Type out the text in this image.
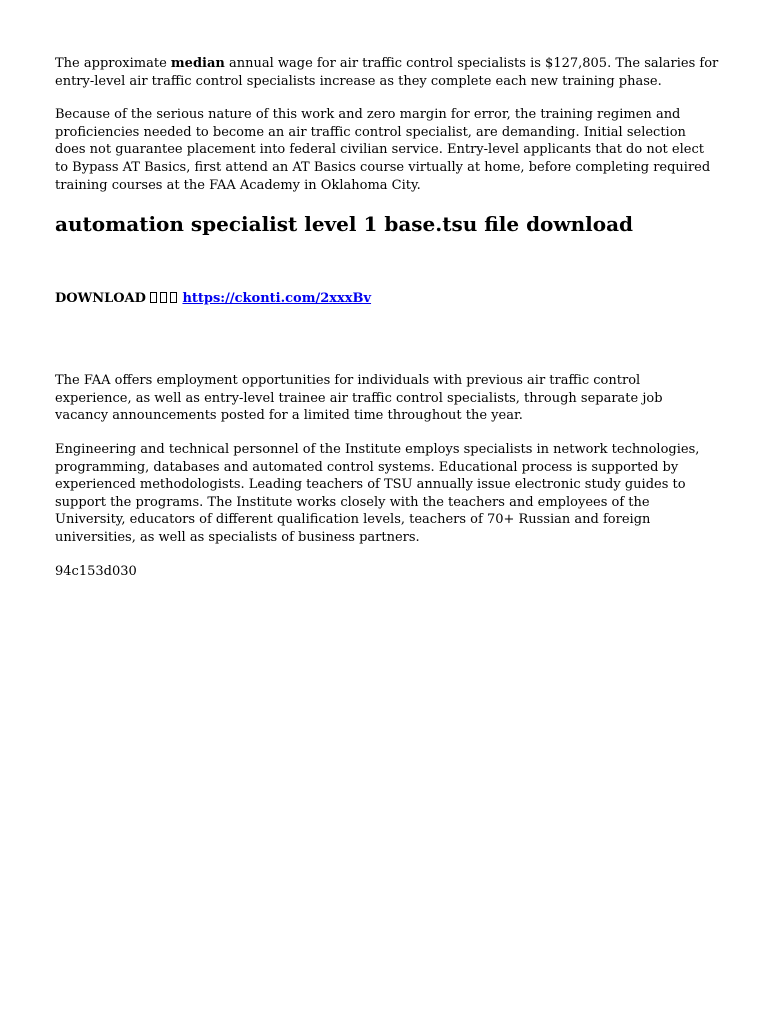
The approximate median annual wage for air traffic control specialists is $127,805. The salaries for entry-level air traffic control specialists increase as they complete each new training phase.

Because of the serious nature of this work and zero margin for error, the training regimen and proficiencies needed to become an air traffic control specialist, are demanding. Initial selection does not guarantee placement into federal civilian service. Entry-level applicants that do not elect to Bypass AT Basics, first attend an AT Basics course virtually at home, before completing required training courses at the FAA Academy in Oklahoma City.

automation specialist level 1 base.tsu file download

DOWNLOAD	https://ckonti.com/2xxxBv

The FAA offers employment opportunities for individuals with previous air traffic control experience, as well as entry-level trainee air traffic control specialists, through separate job vacancy announcements posted for a limited time throughout the year.

Engineering and technical personnel of the Institute employs specialists in network technologies, programming, databases and automated control systems. Educational process is supported by experienced methodologists. Leading teachers of TSU annually issue electronic study guides to support the programs. The Institute works closely with the teachers and employees of the University, educators of different qualification levels, teachers of 70+ Russian and foreign universities, as well as specialists of business partners.

94c153d030
